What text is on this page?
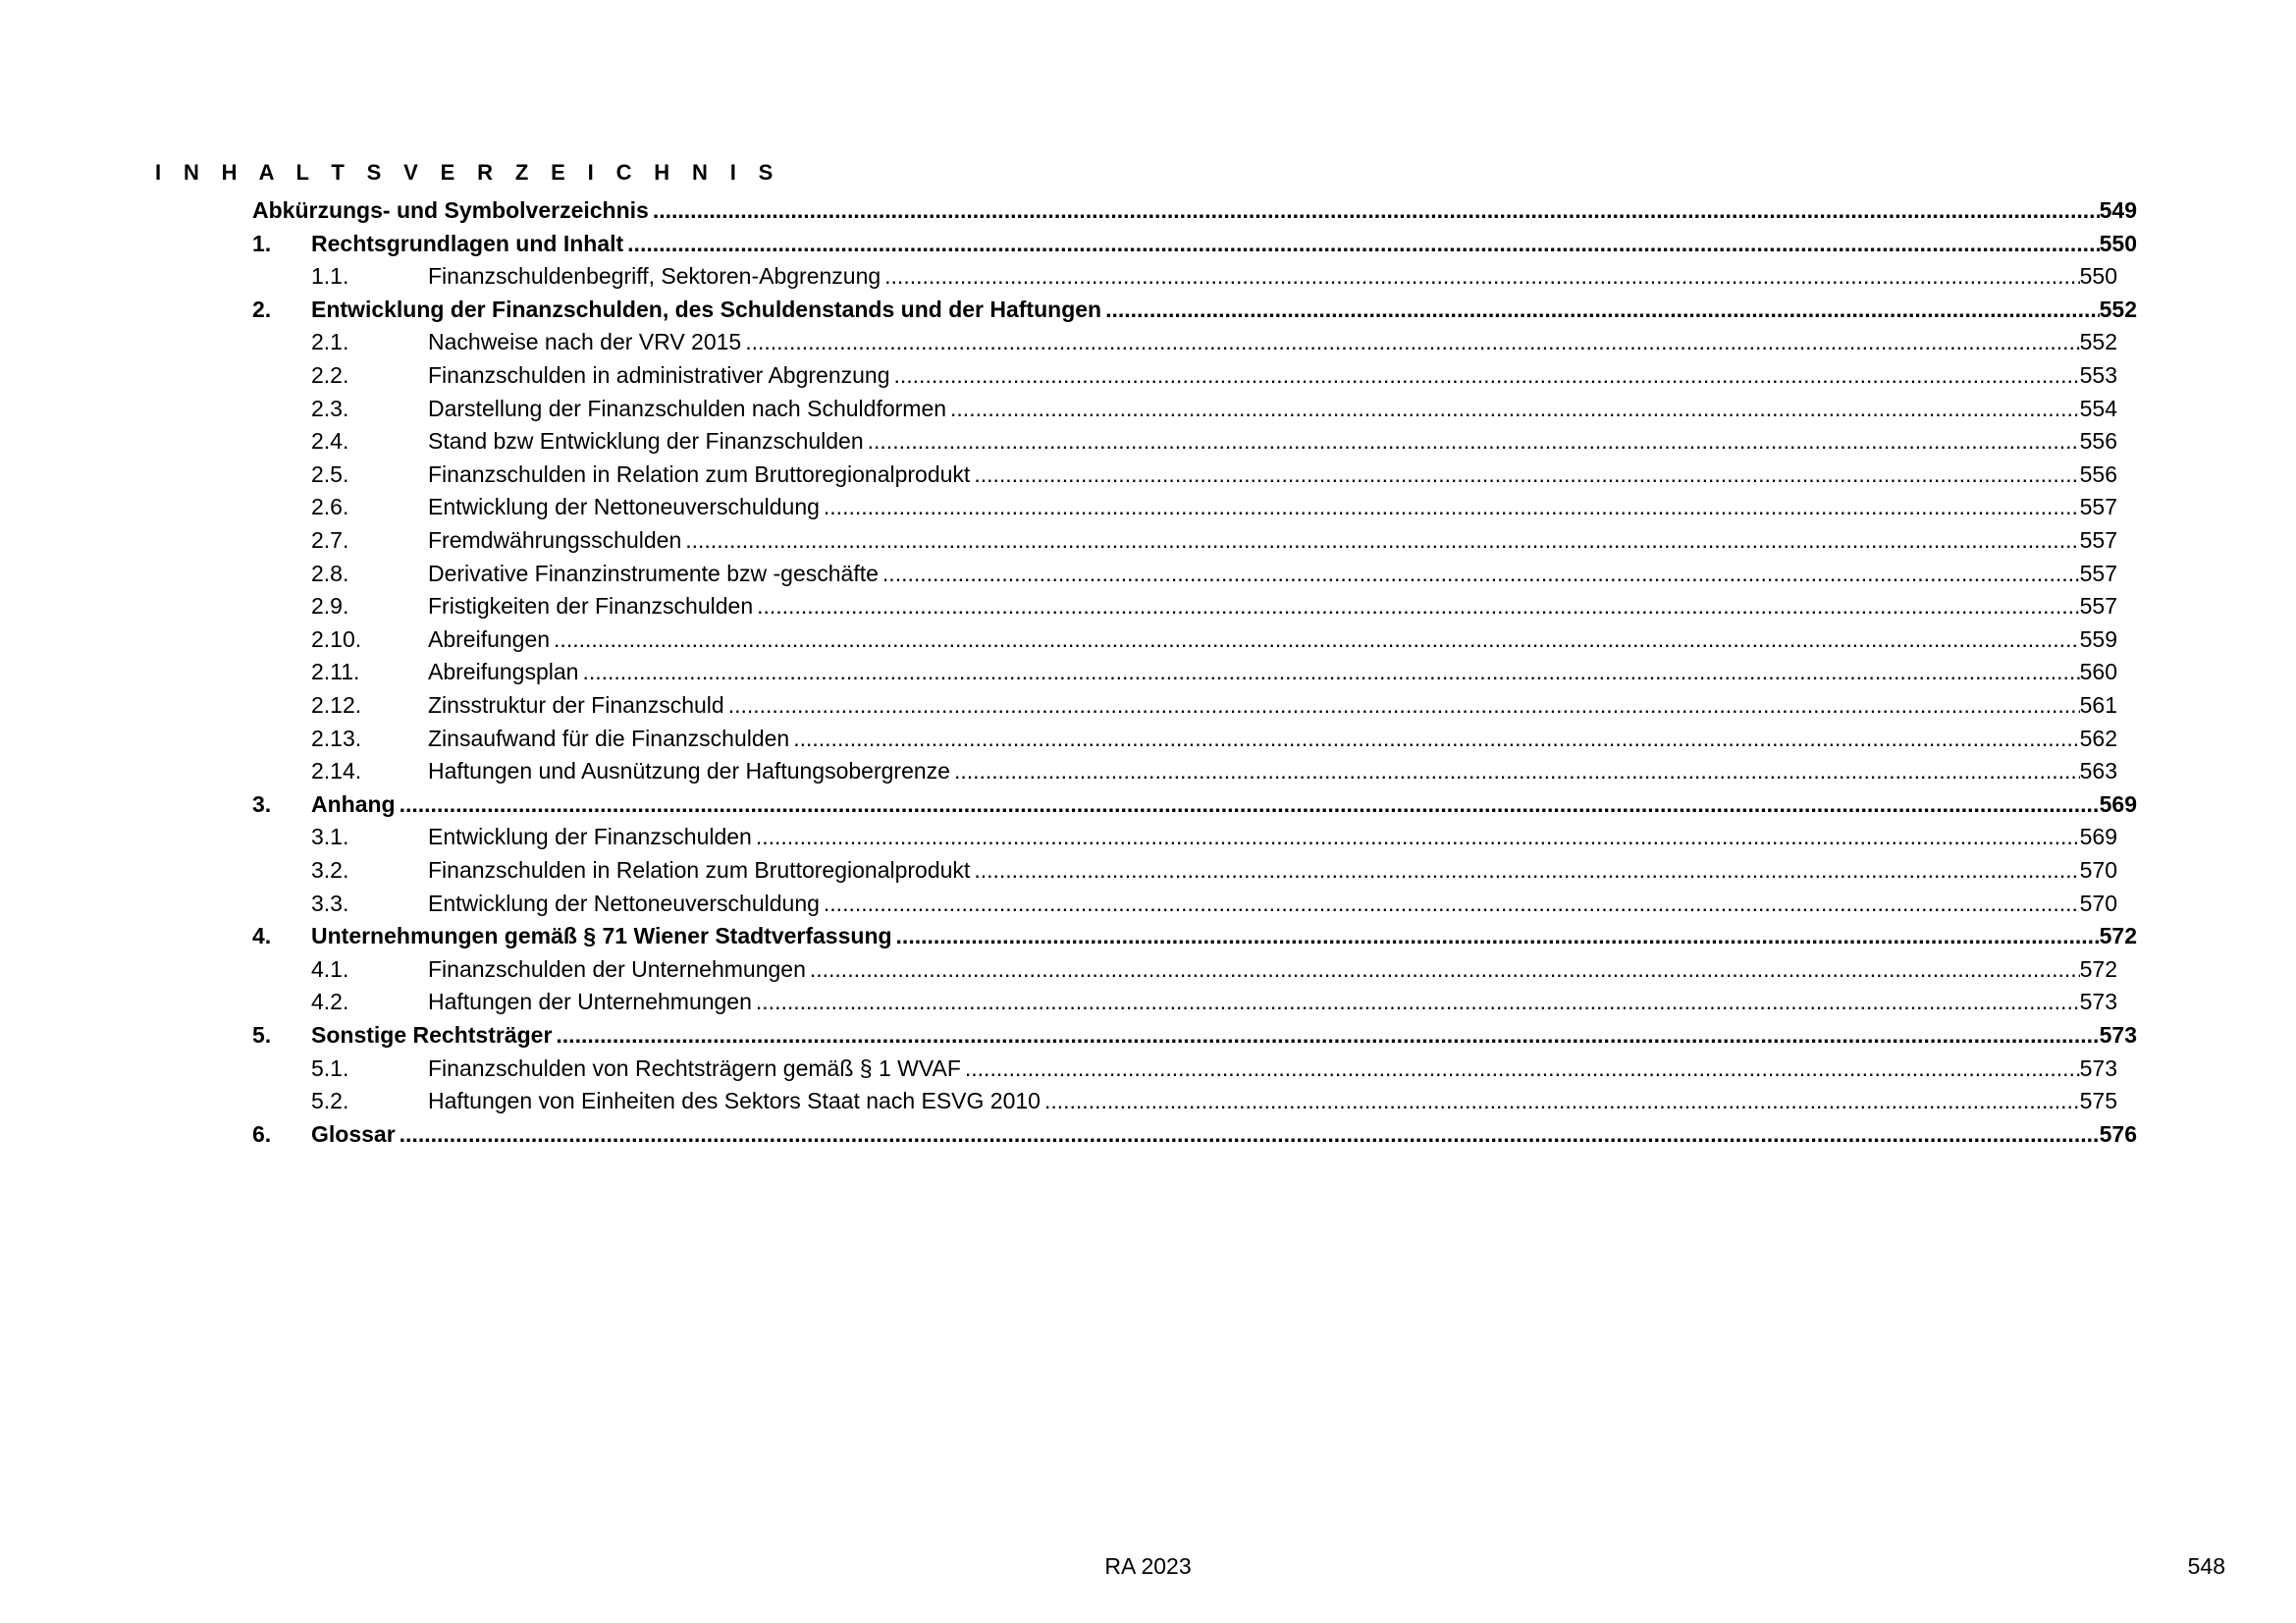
I N H A L T S V E R Z E I C H N I S
Abkürzungs- und Symbolverzeichnis .....	549
1.	Rechtsgrundlagen und Inhalt .....	550
1.1.	Finanzschuldenbegriff, Sektoren-Abgrenzung .....	550
2.	Entwicklung der Finanzschulden, des Schuldenstands und der Haftungen .....	552
2.1.	Nachweise nach der VRV 2015 .....	552
2.2.	Finanzschulden in administrativer Abgrenzung .....	553
2.3.	Darstellung der Finanzschulden nach Schuldformen .....	554
2.4.	Stand bzw Entwicklung der Finanzschulden .....	556
2.5.	Finanzschulden in Relation zum Bruttoregionalprodukt .....	556
2.6.	Entwicklung der Nettoneuverschuldung .....	557
2.7.	Fremdwährungsschulden .....	557
2.8.	Derivative Finanzinstrumente bzw -geschäfte .....	557
2.9.	Fristigkeiten der Finanzschulden .....	557
2.10.	Abreifungen .....	559
2.11.	Abreifungsplan .....	560
2.12.	Zinsstruktur der Finanzschuld .....	561
2.13.	Zinsaufwand für die Finanzschulden .....	562
2.14.	Haftungen und Ausnützung der Haftungsobergrenze .....	563
3.	Anhang .....	569
3.1.	Entwicklung der Finanzschulden .....	569
3.2.	Finanzschulden in Relation zum Bruttoregionalprodukt .....	570
3.3.	Entwicklung der Nettoneuverschuldung .....	570
4.	Unternehmungen gemäß § 71 Wiener Stadtverfassung .....	572
4.1.	Finanzschulden der Unternehmungen .....	572
4.2.	Haftungen der Unternehmungen .....	573
5.	Sonstige Rechtsträger .....	573
5.1.	Finanzschulden von Rechtsträgern gemäß § 1 WVAF .....	573
5.2.	Haftungen von Einheiten des Sektors Staat nach ESVG 2010 .....	575
6.	Glossar .....	576
RA 2023	548
